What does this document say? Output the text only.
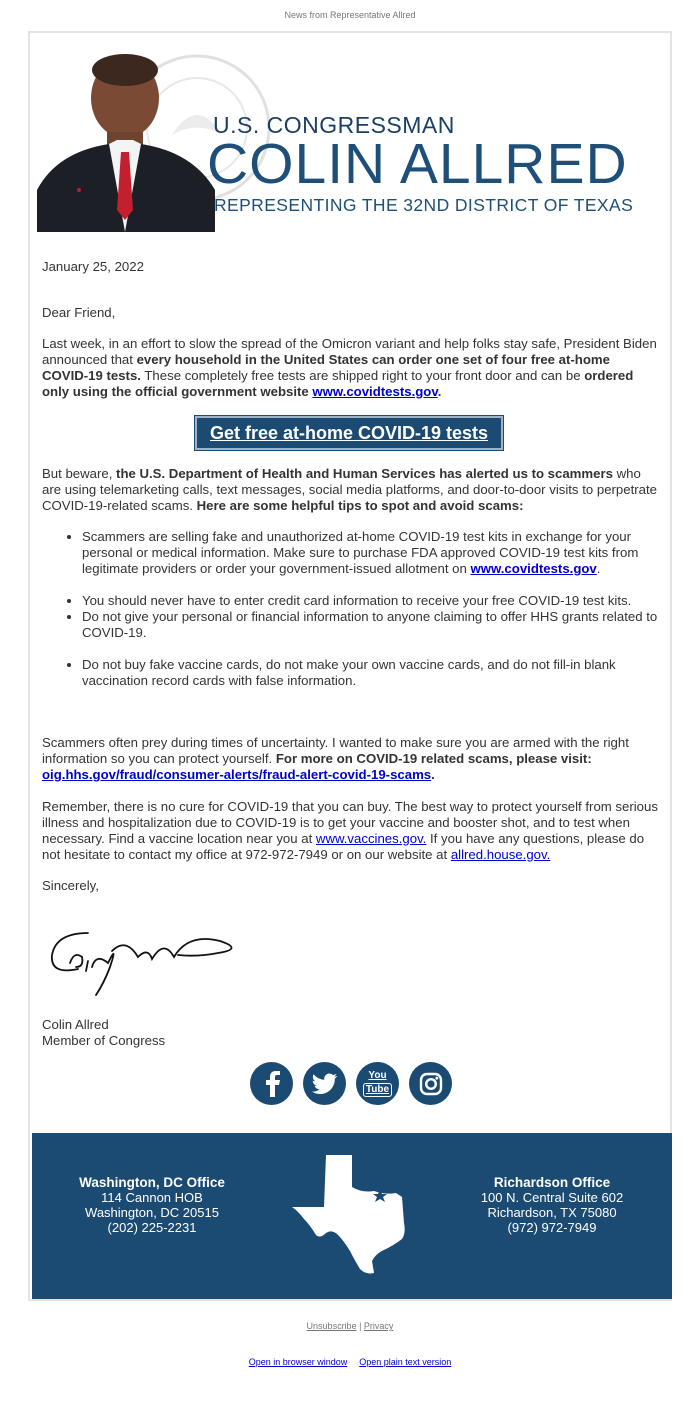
News from Representative Allred
U.S. CONGRESSMAN
COLIN ALLRED
REPRESENTING THE 32ND DISTRICT OF TEXAS

January 25, 2022

Dear Friend,

Last week, in an effort to slow the spread of the Omicron variant and help folks stay safe, President Biden announced that every household in the United States can order one set of four free at-home COVID-19 tests. These completely free tests are shipped right to your front door and can be ordered only using the official government website www.covidtests.gov.

Get free at-home COVID-19 tests

But beware, the U.S. Department of Health and Human Services has alerted us to scammers who are using telemarketing calls, text messages, social media platforms, and door-to-door visits to perpetrate COVID-19-related scams. Here are some helpful tips to spot and avoid scams:

• Scammers are selling fake and unauthorized at-home COVID-19 test kits in exchange for your personal or medical information. Make sure to purchase FDA approved COVID-19 test kits from legitimate providers or order your government-issued allotment on www.covidtests.gov.
• You should never have to enter credit card information to receive your free COVID-19 test kits.
• Do not give your personal or financial information to anyone claiming to offer HHS grants related to COVID-19.
• Do not buy fake vaccine cards, do not make your own vaccine cards, and do not fill-in blank vaccination record cards with false information.

Scammers often prey during times of uncertainty. I wanted to make sure you are armed with the right information so you can protect yourself. For more on COVID-19 related scams, please visit: oig.hhs.gov/fraud/consumer-alerts/fraud-alert-covid-19-scams.

Remember, there is no cure for COVID-19 that you can buy. The best way to protect yourself from serious illness and hospitalization due to COVID-19 is to get your vaccine and booster shot, and to test when necessary. Find a vaccine location near you at www.vaccines.gov. If you have any questions, please do not hesitate to contact my office at 972-972-7949 or on our website at allred.house.gov.

Sincerely,

Colin Allred
Member of Congress
You
Tube
Washington, DC Office
114 Cannon HOB
Washington, DC 20515
(202) 225-2231
Richardson Office
100 N. Central Suite 602
Richardson, TX 75080
(972) 972-7949
Unsubscribe | Privacy
Open in browser window Open plain text version
